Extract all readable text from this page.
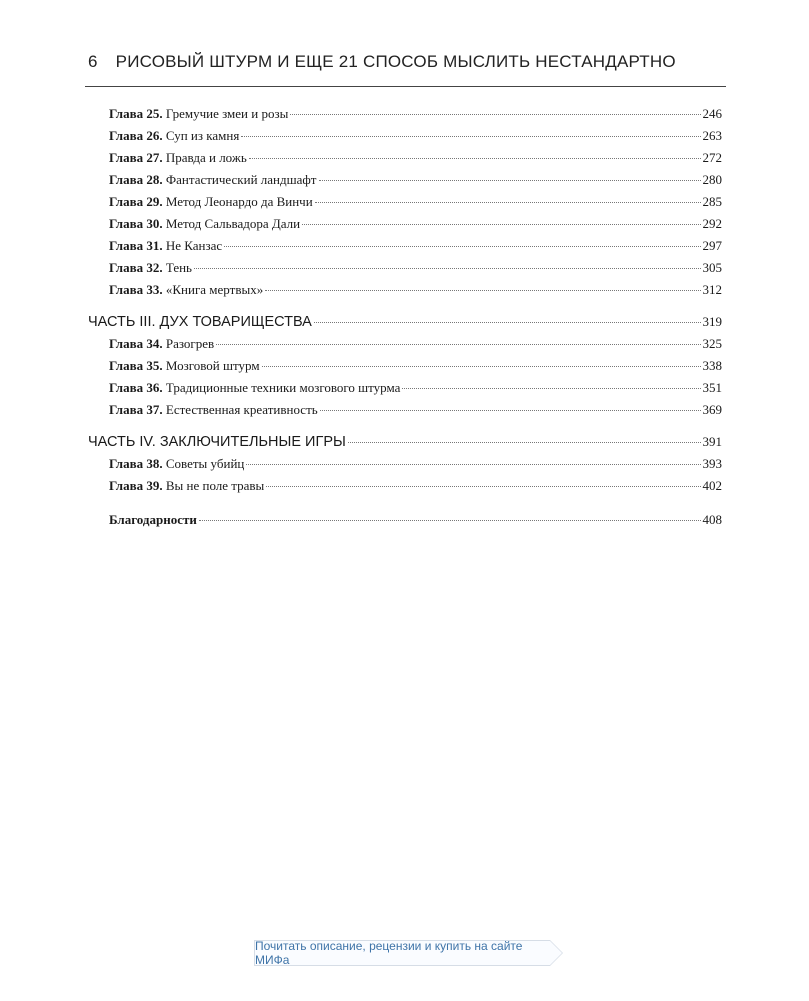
6 РИСОВЫЙ ШТУРМ И ЕЩЕ 21 СПОСОБ МЫСЛИТЬ НЕСТАНДАРТНО
Глава 25. Гремучие змеи и розы	246
Глава 26. Суп из камня	263
Глава 27. Правда и ложь	272
Глава 28. Фантастический ландшафт	280
Глава 29. Метод Леонардо да Винчи	285
Глава 30. Метод Сальвадора Дали	292
Глава 31. Не Канзас	297
Глава 32. Тень	305
Глава 33. «Книга мертвых»	312
ЧАСТЬ III. ДУХ ТОВАРИЩЕСТВА	319
Глава 34. Разогрев	325
Глава 35. Мозговой штурм	338
Глава 36. Традиционные техники мозгового штурма	351
Глава 37. Естественная креативность	369
ЧАСТЬ IV. ЗАКЛЮЧИТЕЛЬНЫЕ ИГРЫ	391
Глава 38. Советы убийц	393
Глава 39. Вы не поле травы	402
Благодарности	408
Почитать описание, рецензии и купить на сайте МИФа
